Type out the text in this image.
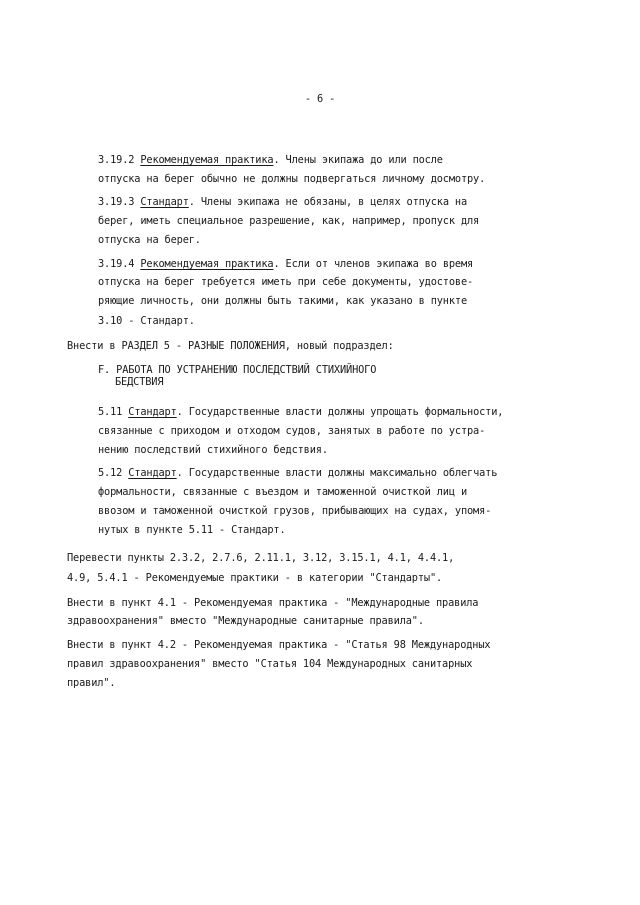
- 6 -
3.19.2 Рекомендуемая практика. Члены экипажа до или после
отпуска на берег обычно не должны подвергаться личному досмотру.
3.19.3 Стандарт. Члены экипажа не обязаны, в целях отпуска на
берег, иметь специальное разрешение, как, например, пропуск для
отпуска на берег.
3.19.4 Рекомендуемая практика. Если от членов экипажа во время
отпуска на берег требуется иметь при себе документы, удостове-
ряющие личность, они должны быть такими, как указано в пункте
3.10 - Стандарт.
Внести в РАЗДЕЛ 5 - РАЗНЫЕ ПОЛОЖЕНИЯ, новый подраздел:
F. РАБОТА ПО УСТРАНЕНИЮ ПОСЛЕДСТВИЙ СТИХИЙНОГО
БЕДСТВИЯ
5.11 Стандарт. Государственные власти должны упрощать формальности,
связанные с приходом и отходом судов, занятых в работе по устра-
нению последствий стихийного бедствия.
5.12 Стандарт. Государственные власти должны максимально облегчать
формальности, связанные с въездом и таможенной очисткой лиц и
ввозом и таможенной очисткой грузов, прибывающих на судах, упомя-
нутых в пункте 5.11 - Стандарт.
Перевести пункты 2.3.2, 2.7.6, 2.11.1, 3.12, 3.15.1, 4.1, 4.4.1,
4.9, 5.4.1 - Рекомендуемые практики - в категории "Стандарты".
Внести в пункт 4.1 - Рекомендуемая практика - "Международные правила
здравоохранения" вместо "Международные санитарные правила".
Внести в пункт 4.2 - Рекомендуемая практика - "Статья 98 Международных
правил здравоохранения" вместо "Статья 104 Международных санитарных
правил".
